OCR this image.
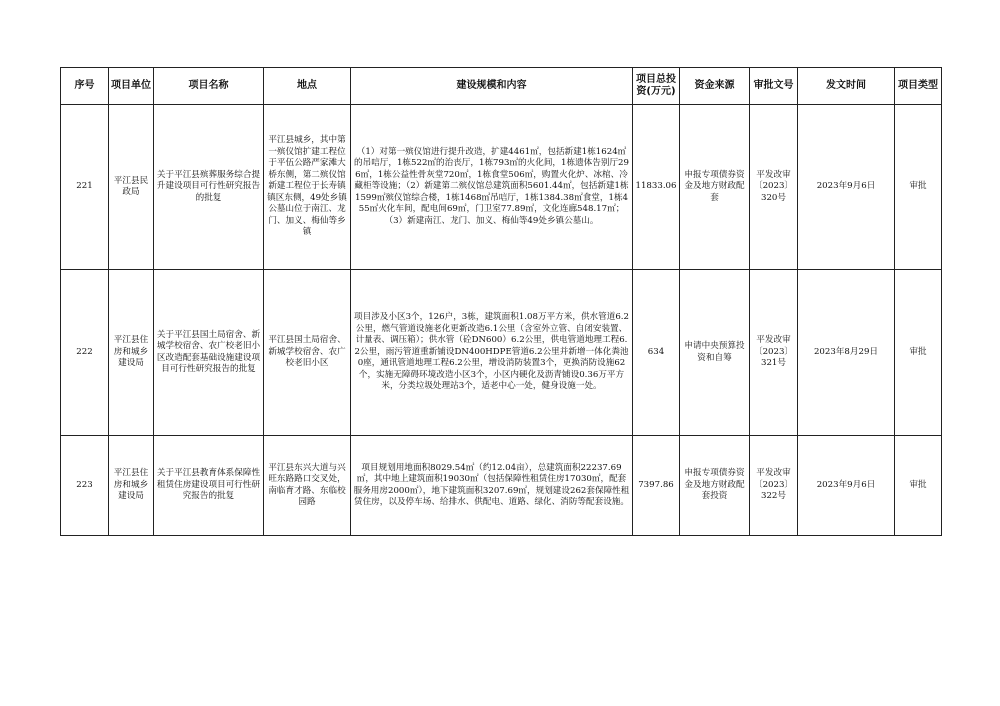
序号	项目单位	项目名称	地点	建设规模和内容	项目总投资(万元)	资金来源	审批文号	发文时间	项目类型
221	平江县民政局	关于平江县殡葬服务综合提升建设项目可行性研究报告的批复	平江县城乡，其中第一殡仪馆扩建工程位于平伍公路严家滩大桥东侧，第二殡仪馆新建工程位于长寿镇镇区东侧，49处乡镇公墓山位于南江、龙门、加义、梅仙等乡镇	（1）对第一殡仪馆进行提升改造，扩建4461㎡，包括新建1栋1624㎡的吊唁厅，1栋522㎡的治丧厅，1栋793㎡的火化间，1栋遗体告别厅296㎡，1栋公益性骨灰堂720㎡，1栋食堂506㎡，购置火化炉、冰棺、冷藏柜等设施；（2）新建第二殡仪馆总建筑面积5601.44㎡，包括新建1栋1599㎡殡仪馆综合楼，1栋1468㎡吊唁厅，1栋1384.38㎡食堂，1栋455㎡火化车间，配电间69㎡，门卫室77.89㎡，文化连廊548.17㎡；（3）新建南江、龙门、加义、梅仙等49处乡镇公墓山。	11833.06	申报专项债券资金及地方财政配套	平发改审〔2023〕320号	2023年9月6日	审批
222	平江县住房和城乡建设局	关于平江县国土局宿舍、新城学校宿舍、农广校老旧小区改造配套基础设施建设项目可行性研究报告的批复	平江县国土局宿舍、新城学校宿舍、农广校老旧小区	项目涉及小区3个，126户，3栋，建筑面积1.08万平方米，供水管道6.2公里，燃气管道设施老化更新改造6.1公里（含室外立管、自闭安装置、计量表、调压箱）；供水管（砼DN600）6.2公里，供电管道地理工程6.2公里，雨污管道重新铺设DN400HDPE管道6.2公里并新增一体化粪池0座，通讯管道地理工程6.2公里，增设消防装置3个，更换消防设施62个，实施无障碍环境改造小区3个，小区内硬化及沥青铺设0.36万平方米，分类垃圾处理站3个，适老中心一处，健身设施一处。	634	申请中央预算投资和自筹	平发改审〔2023〕321号	2023年8月29日	审批
223	平江县住房和城乡建设局	关于平江县教育体系保障性租赁住房建设项目可行性研究报告的批复	平江县东兴大道与兴旺东路路口交叉处，南临育才路、东临校园路	项目规划用地面积8029.54㎡（约12.04亩），总建筑面积22237.69㎡，其中地上建筑面积19030㎡（包括保障性租赁住房17030㎡，配套服务用房2000㎡），地下建筑面积3207.69㎡，规划建设262套保障性租赁住房，以及停车场、给排水、供配电、道路、绿化、消防等配套设施。	7397.86	申报专项债券资金及地方财政配套投资	平发改审〔2023〕322号	2023年9月6日	审批
